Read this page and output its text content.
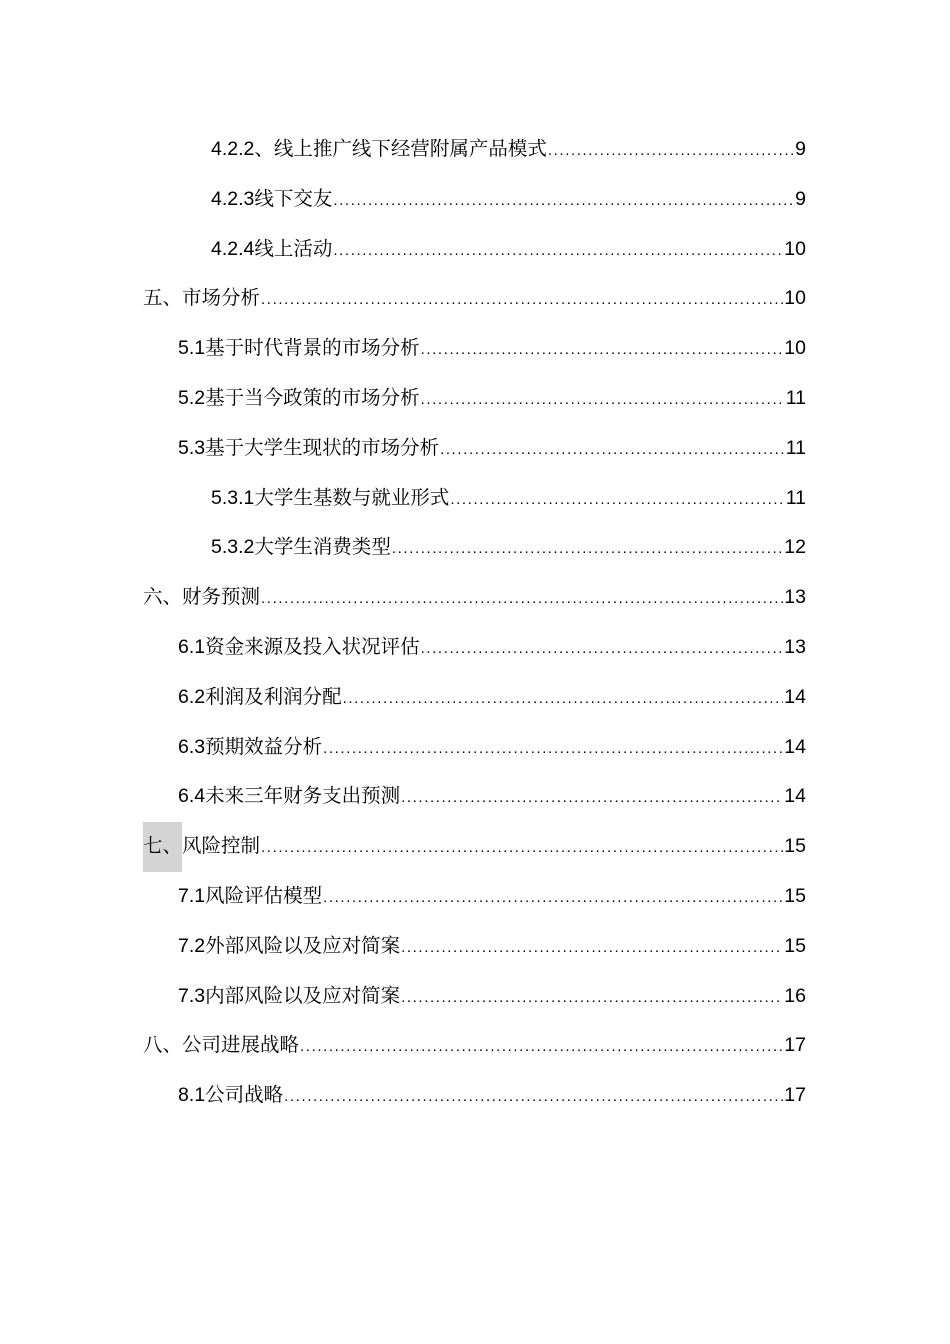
4.2.2 、线上推广线下经营附属产品模式 .....	9
4.2.3 线下交友 .....	9
4.2.4 线上活动 .....	10
五、 市场分析 .....	10
5.1 基于时代背景的市场分析 .....	10
5.2 基于当今政策的市场分析 .....	11
5.3 基于大学生现状的市场分析 .....	11
5.3.1 大学生基数与就业形式 .....	11
5.3.2 大学生消费类型 .....	12
六、 财务预测 .....	13
6.1 资金来源及投入状况评估 .....	13
6.2 利润及利润分配 .....	14
6.3 预期效益分析 .....	14
6.4 未来三年财务支出预测 .....	14
七、 风险控制 .....	15
7.1 风险评估模型 .....	15
7.2 外部风险以及应对简案 .....	15
7.3 内部风险以及应对简案 .....	16
八、 公司进展战略 .....	17
8.1 公司战略 .....	17
